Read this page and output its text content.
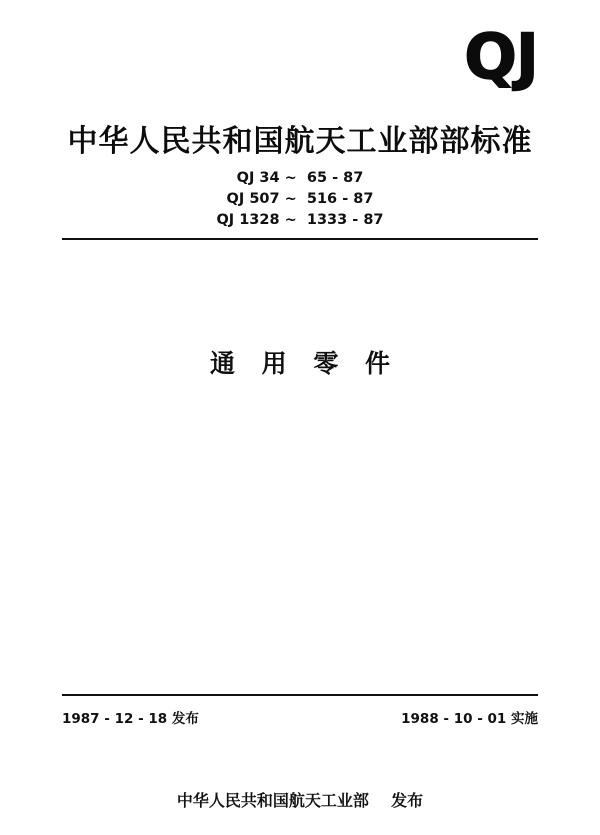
QJ
中华人民共和国航天工业部部标准
QJ 34 ~  65 - 87
QJ 507 ~  516 - 87
QJ 1328 ~  1333 - 87
通 用 零 件
1987 - 12 - 18 发布	1988 - 10 - 01 实施
中华人民共和国航天工业部    发布
